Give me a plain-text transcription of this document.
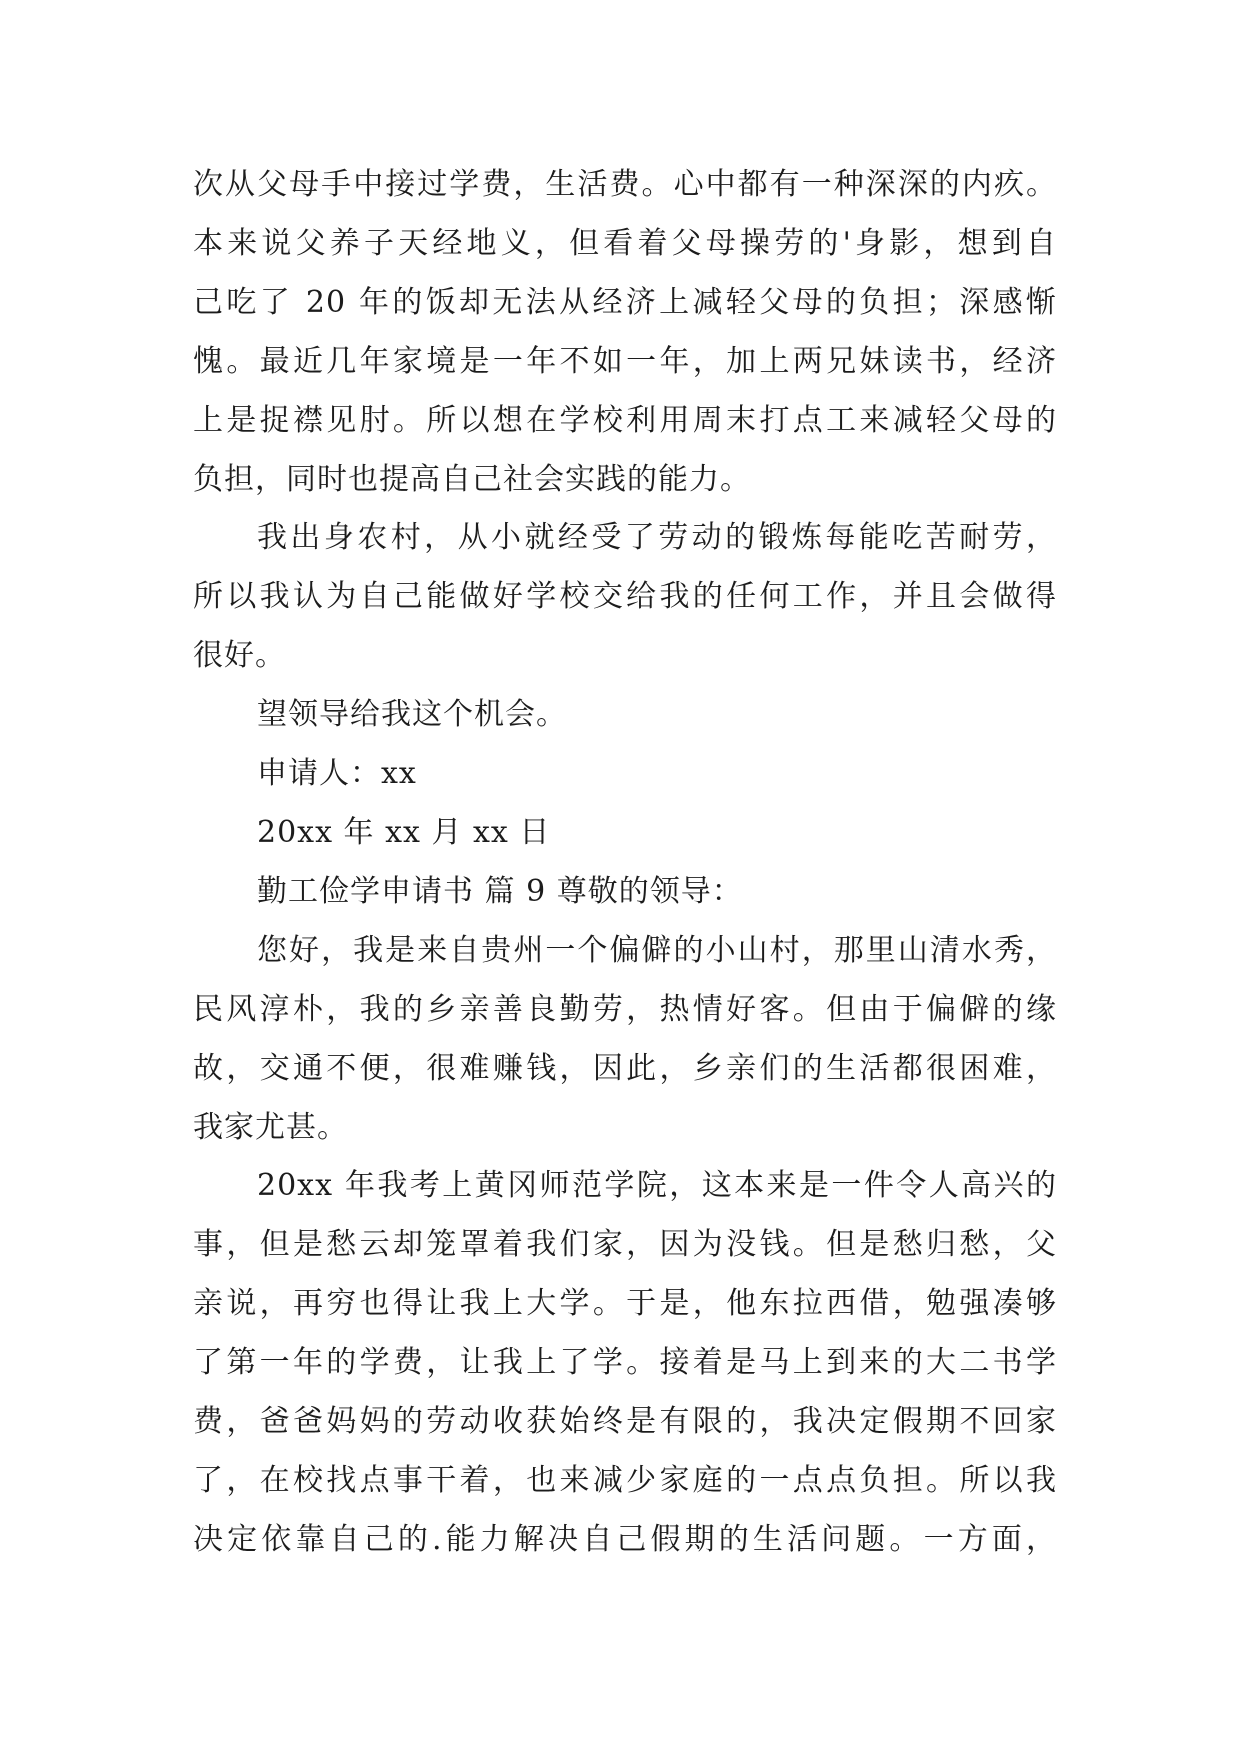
次从父母手中接过学费，生活费。心中都有一种深深的内疚。
本来说父养子天经地义，但看着父母操劳的'身影，想到自
己吃了 20 年的饭却无法从经济上减轻父母的负担；深感惭
愧。最近几年家境是一年不如一年，加上两兄妹读书，经济
上是捉襟见肘。所以想在学校利用周末打点工来减轻父母的
负担，同时也提高自己社会实践的能力。
我出身农村，从小就经受了劳动的锻炼每能吃苦耐劳，
所以我认为自己能做好学校交给我的任何工作，并且会做得
很好。
望领导给我这个机会。
申请人：xx
20xx 年 xx 月 xx 日
勤工俭学申请书 篇 9 尊敬的领导：
您好，我是来自贵州一个偏僻的小山村，那里山清水秀，
民风淳朴，我的乡亲善良勤劳，热情好客。但由于偏僻的缘
故，交通不便，很难赚钱，因此，乡亲们的生活都很困难，
我家尤甚。
20xx 年我考上黄冈师范学院，这本来是一件令人高兴的
事，但是愁云却笼罩着我们家，因为没钱。但是愁归愁，父
亲说，再穷也得让我上大学。于是，他东拉西借，勉强凑够
了第一年的学费，让我上了学。接着是马上到来的大二书学
费，爸爸妈妈的劳动收获始终是有限的，我决定假期不回家
了，在校找点事干着，也来减少家庭的一点点负担。所以我
决定依靠自己的.能力解决自己假期的生活问题。一方面，
